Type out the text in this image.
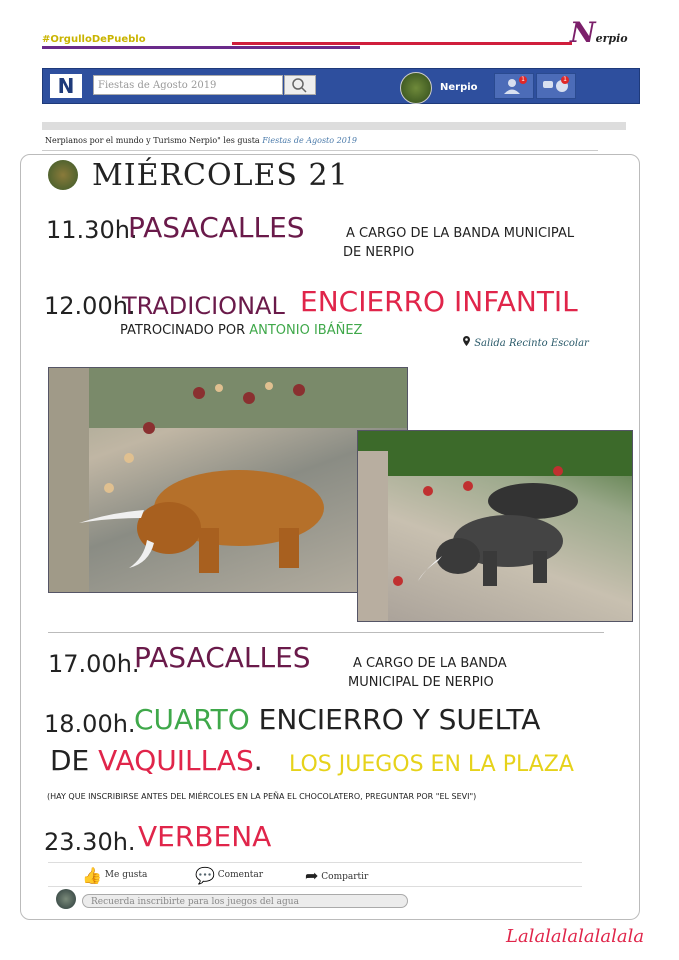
#OrgulloDePueblo	Nerpio
N	Fiestas de Agosto 2019	Nerpio
1	1
Nerpianos por el mundo y Turismo Nerpio" les gusta Fiestas de Agosto 2019
MIÉRCOLES 21
11.30h.
PASACALLES	A CARGO DE LA BANDA MUNICIPAL
DE NERPIO
12.00h.
TRADICIONAL ENCIERRO INFANTIL
PATROCINADO POR ANTONIO IBÁÑEZ
Salida Recinto Escolar
17.00h.
PASACALLES	A CARGO DE LA BANDA
MUNICIPAL DE NERPIO
18.00h.
CUARTO ENCIERRO Y SUELTA
DE VAQUILLAS. LOS JUEGOS EN LA PLAZA
(HAY QUE INSCRIBIRSE ANTES DEL MIÉRCOLES EN LA PEÑA EL CHOCOLATERO, PREGUNTAR POR "EL SEVI")
23.30h. VERBENA
👍 Me gusta	💬 Comentar	➦ Compartir
Recuerda inscribirte para los juegos del agua
Lalalalalalalala
